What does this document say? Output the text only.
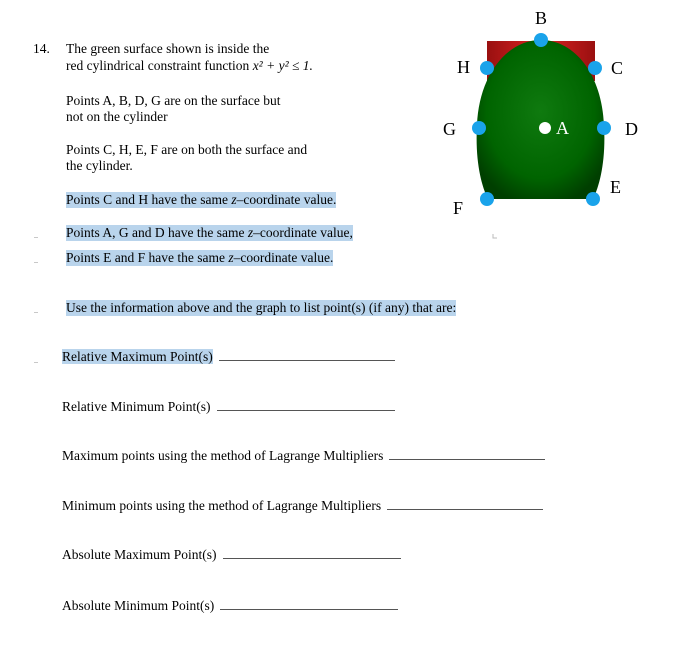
14. The green surface shown is inside the
red cylindrical constraint function x² + y² ≤ 1.
Points A, B, D, G are on the surface but
not on the cylinder
Points C, H, E, F are on both the surface and
the cylinder.
Points C and H have the same z–coordinate value.
Points A, G and D have the same z–coordinate value,
Points E and F have the same z–coordinate value.
Use the information above and the graph to list point(s) (if any) that are:
Relative Maximum Point(s)
Relative Minimum Point(s)
Maximum points using the method of Lagrange Multipliers
Minimum points using the method of Lagrange Multipliers
Absolute Maximum Point(s)
Absolute Minimum Point(s)
B
H	C
G	A	D
E
F
